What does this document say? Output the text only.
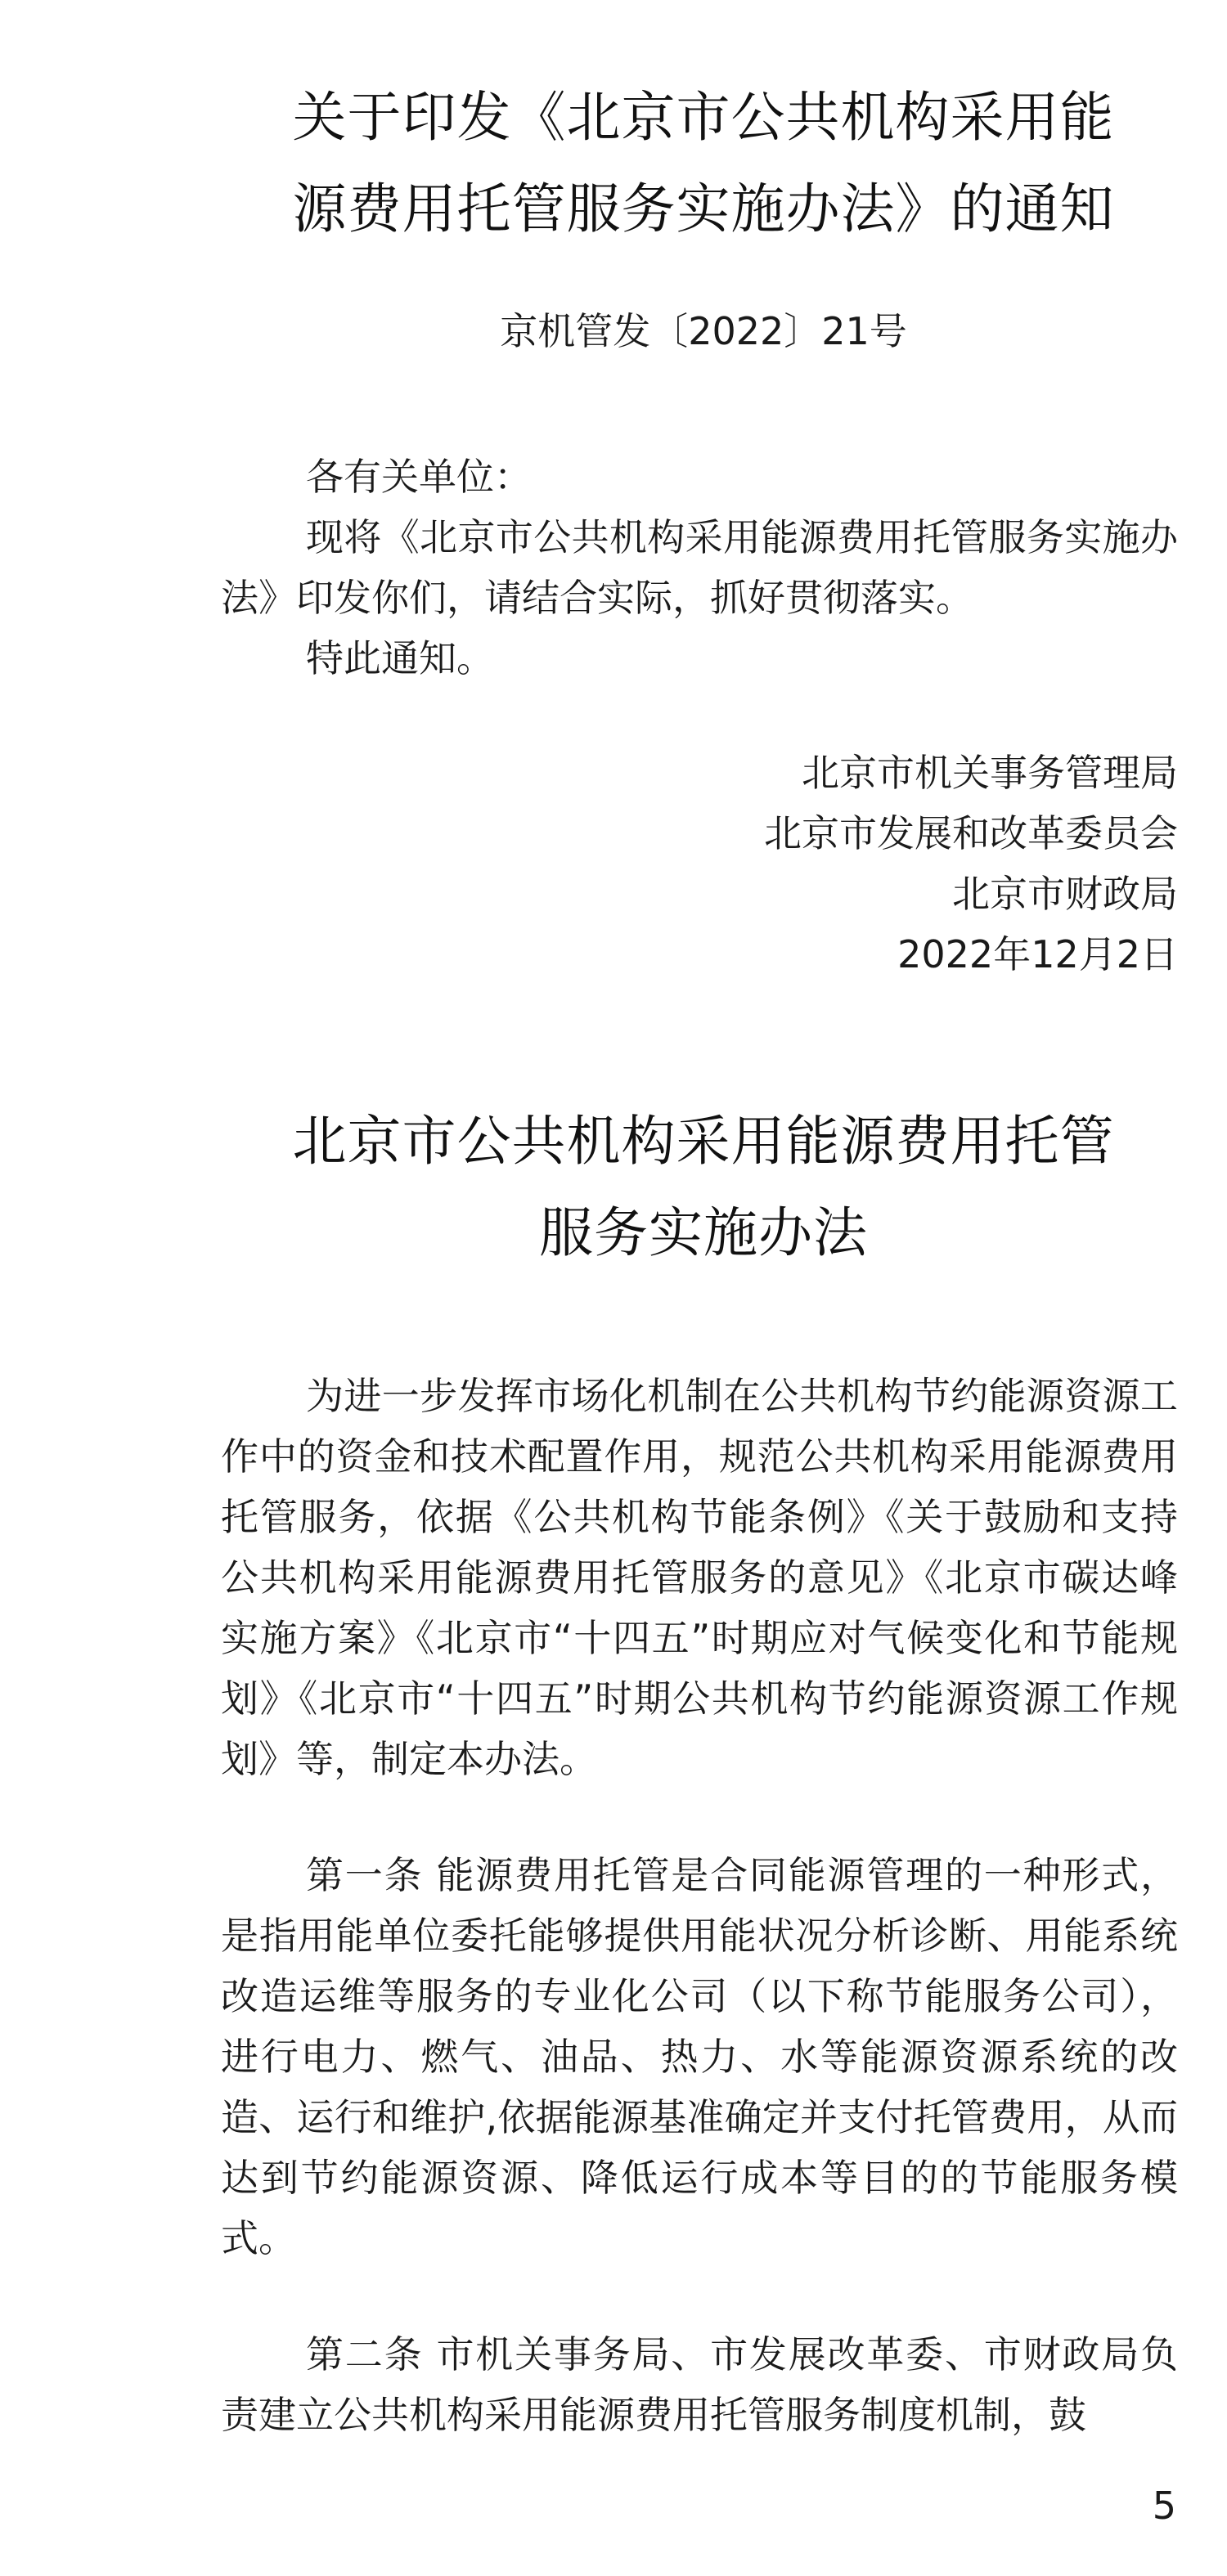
关于印发《北京市公共机构采用能
源费用托管服务实施办法》的通知
京机管发〔2022〕21号

各有关单位：

现将《北京市公共机构采用能源费用托管服务实施办法》印发你们，请结合实际，抓好贯彻落实。

特此通知。

北京市机关事务管理局
北京市发展和改革委员会
北京市财政局
2022年12月2日
北京市公共机构采用能源费用托管
服务实施办法

为进一步发挥市场化机制在公共机构节约能源资源工作中的资金和技术配置作用，规范公共机构采用能源费用托管服务，依据《公共机构节能条例》《关于鼓励和支持公共机构采用能源费用托管服务的意见》《北京市碳达峰实施方案》《北京市“十四五”时期应对气候变化和节能规划》《北京市“十四五”时期公共机构节约能源资源工作规划》等，制定本办法。

第一条 能源费用托管是合同能源管理的一种形式，是指用能单位委托能够提供用能状况分析诊断、用能系统改造运维等服务的专业化公司（以下称节能服务公司），进行电力、燃气、油品、热力、水等能源资源系统的改造、运行和维护,依据能源基准确定并支付托管费用，从而达到节约能源资源、降低运行成本等目的的节能服务模式。

第二条 市机关事务局、市发展改革委、市财政局负责建立公共机构采用能源费用托管服务制度机制，鼓

5
